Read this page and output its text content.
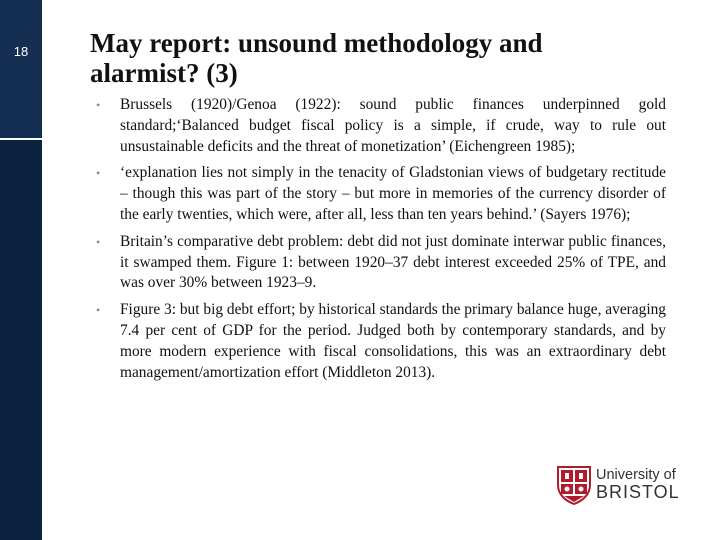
18	May report: unsound methodology and
alarmist? (3)
• Brussels (1920)/Genoa (1922): sound public finances underpinned gold standard;‘Balanced budget fiscal policy is a simple, if crude, way to rule out unsustainable deficits and the threat of monetization’ (Eichengreen 1985);
• ‘explanation lies not simply in the tenacity of Gladstonian views of budgetary rectitude – though this was part of the story – but more in memories of the currency disorder of the early twenties, which were, after all, less than ten years behind.’ (Sayers 1976);
• Britain’s comparative debt problem: debt did not just dominate interwar public finances, it swamped them. Figure 1: between 1920–37 debt interest exceeded 25% of TPE, and was over 30% between 1923–9.
• Figure 3: but big debt effort; by historical standards the primary balance huge, averaging 7.4 per cent of GDP for the period. Judged both by contemporary standards, and by more modern experience with fiscal consolidations, this was an extraordinary debt management/amortization effort (Middleton 2013).
University of
BRISTOL
